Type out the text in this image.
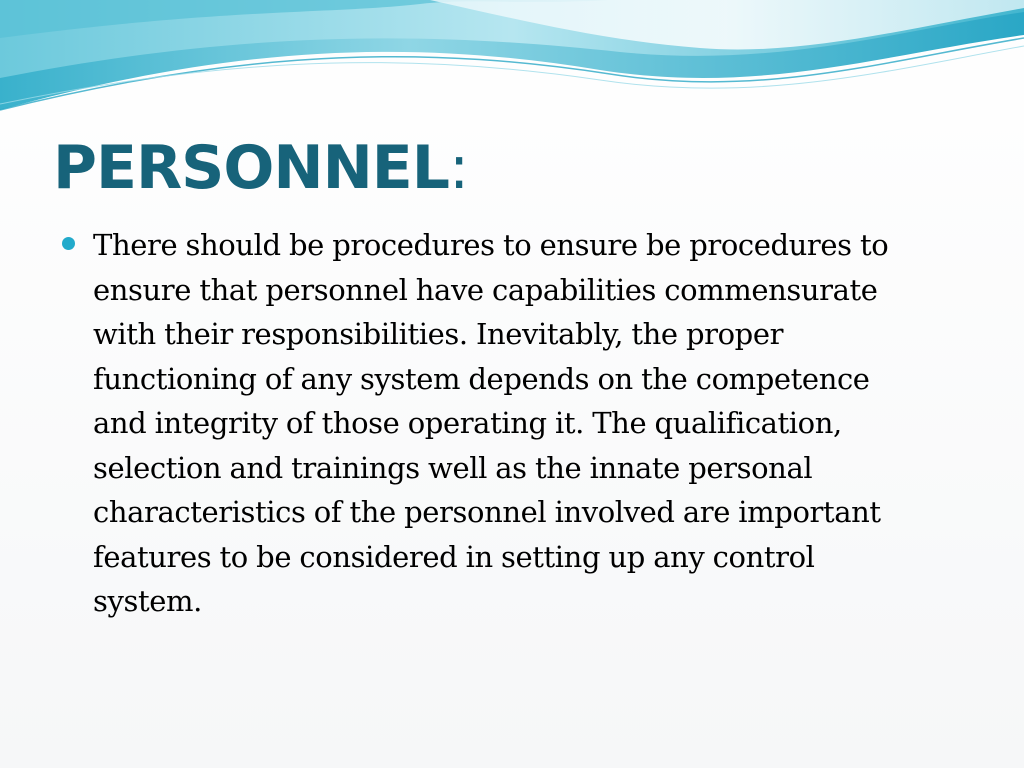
PERSONNEL:
There should be procedures to ensure be procedures to
ensure that personnel have capabilities commensurate
with their responsibilities. Inevitably, the proper
functioning of any system depends on the competence
and integrity of those operating it. The qualification,
selection and trainings well as the innate personal
characteristics of the personnel involved are important
features to be considered in setting up any control
system.
